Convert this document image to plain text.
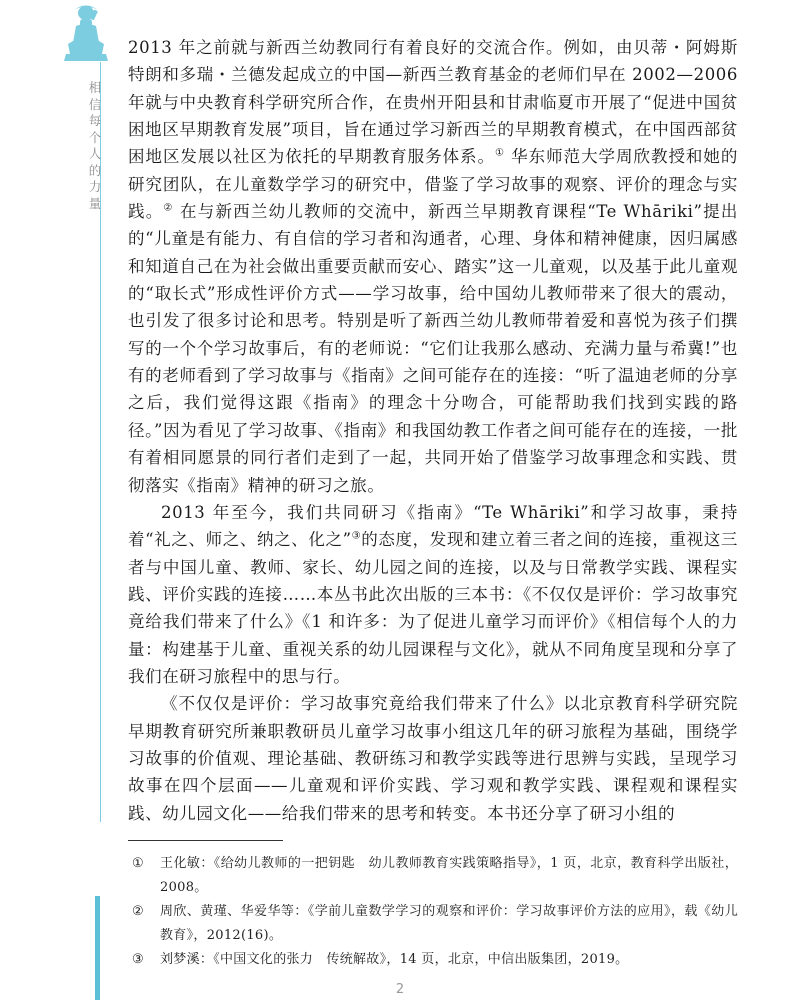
相信每个人的力量

2013 年之前就与新西兰幼教同行有着良好的交流合作。例如，由贝蒂・阿姆斯特朗和多瑞・兰德发起成立的中国—新西兰教育基金的老师们早在 2002—2006 年就与中央教育科学研究所合作，在贵州开阳县和甘肃临夏市开展了“促进中国贫困地区早期教育发展”项目，旨在通过学习新西兰的早期教育模式，在中国西部贫困地区发展以社区为依托的早期教育服务体系。① 华东师范大学周欣教授和她的研究团队，在儿童数学学习的研究中，借鉴了学习故事的观察、评价的理念与实践。② 在与新西兰幼儿教师的交流中，新西兰早期教育课程“Te Whāriki”提出的“儿童是有能力、有自信的学习者和沟通者，心理、身体和精神健康，因归属感和知道自己在为社会做出重要贡献而安心、踏实”这一儿童观，以及基于此儿童观的“取长式”形成性评价方式——学习故事，给中国幼儿教师带来了很大的震动，也引发了很多讨论和思考。特别是听了新西兰幼儿教师带着爱和喜悦为孩子们撰写的一个个学习故事后，有的老师说：“它们让我那么感动、充满力量与希冀!”也有的老师看到了学习故事与《指南》之间可能存在的连接：“听了温迪老师的分享之后，我们觉得这跟《指南》的理念十分吻合，可能帮助我们找到实践的路径。”因为看见了学习故事、《指南》和我国幼教工作者之间可能存在的连接，一批有着相同愿景的同行者们走到了一起，共同开始了借鉴学习故事理念和实践、贯彻落实《指南》精神的研习之旅。

2013 年至今，我们共同研习《指南》“Te Whāriki”和学习故事，秉持着“礼之、师之、纳之、化之”③的态度，发现和建立着三者之间的连接，重视这三者与中国儿童、教师、家长、幼儿园之间的连接，以及与日常教学实践、课程实践、评价实践的连接……本丛书此次出版的三本书：《不仅仅是评价：学习故事究竟给我们带来了什么》《1 和许多：为了促进儿童学习而评价》《相信每个人的力量：构建基于儿童、重视关系的幼儿园课程与文化》，就从不同角度呈现和分享了我们在研习旅程中的思与行。

《不仅仅是评价：学习故事究竟给我们带来了什么》以北京教育科学研究院早期教育研究所兼职教研员儿童学习故事小组这几年的研习旅程为基础，围绕学习故事的价值观、理论基础、教研练习和教学实践等进行思辨与实践，呈现学习故事在四个层面——儿童观和评价实践、学习观和教学实践、课程观和课程实践、幼儿园文化——给我们带来的思考和转变。本书还分享了研习小组的

①	王化敏：《给幼儿教师的一把钥匙　幼儿教师教育实践策略指导》，1 页，北京，教育科学出版社，2008。
②	周欣、黄瑾、华爱华等：《学前儿童数学学习的观察和评价：学习故事评价方法的应用》，载《幼儿教育》，2012(16)。
③	刘梦溪：《中国文化的张力　传统解故》，14 页，北京，中信出版集团，2019。
2
